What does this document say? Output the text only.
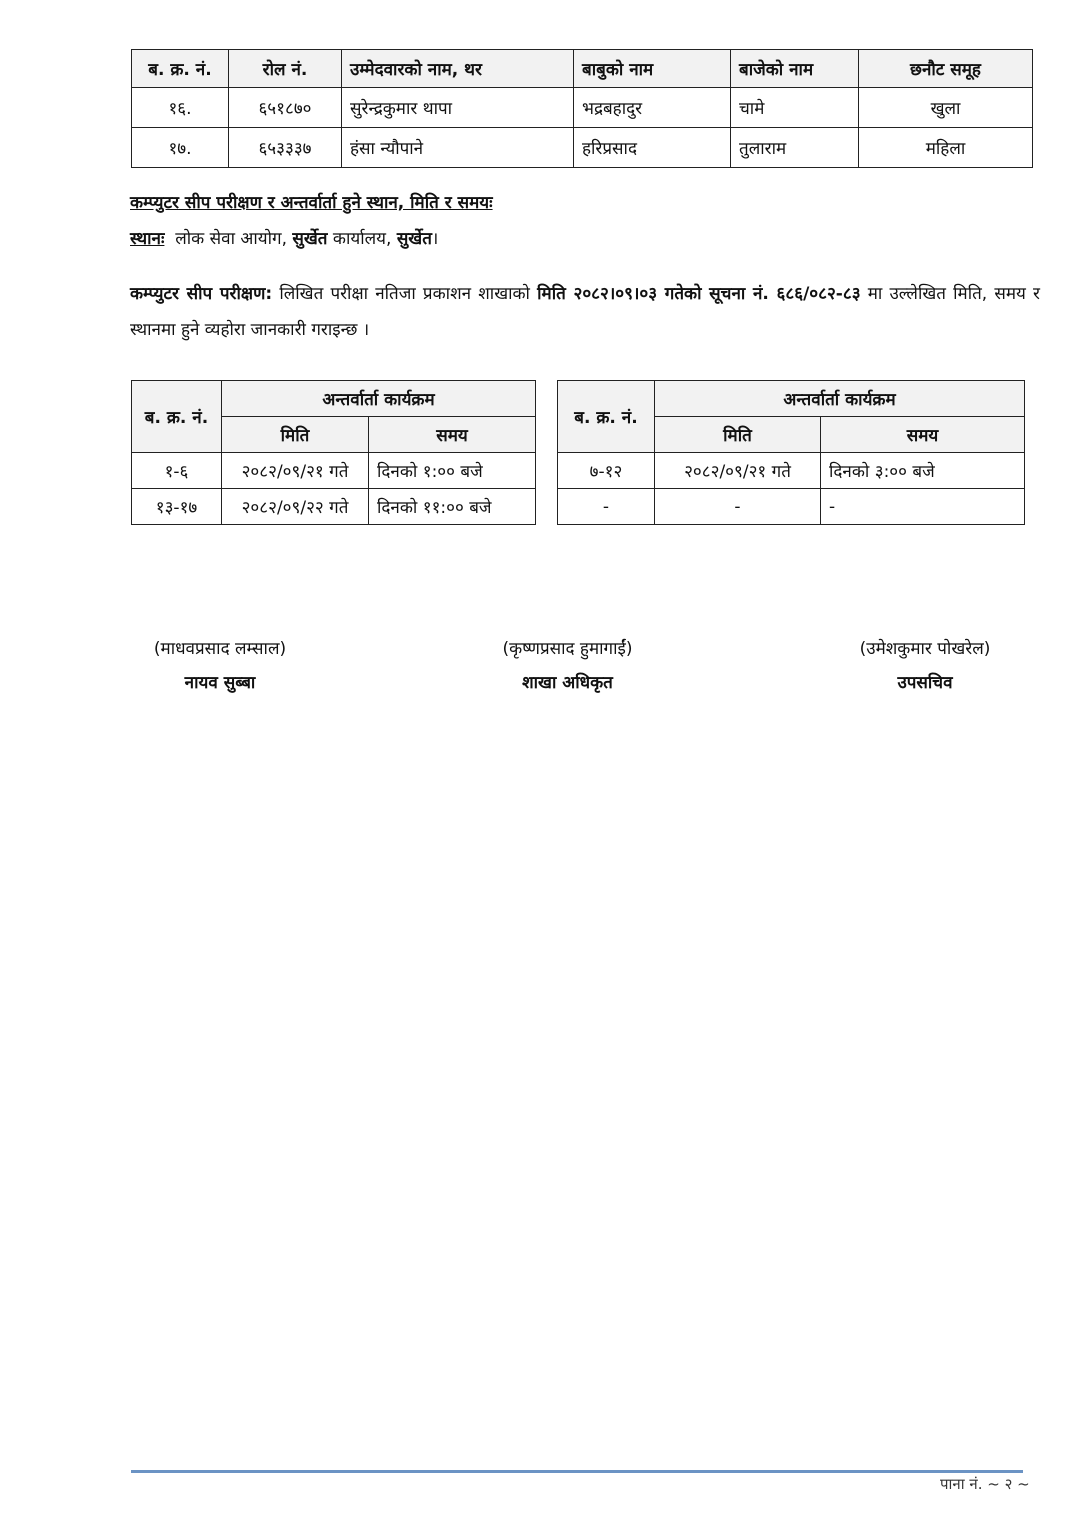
ब. क्र. नं.	रोल नं.	उम्मेदवारको नाम, थर	बाबुको नाम	बाजेको नाम	छनौट समूह
१६.	६५१८७०	सुरेन्द्रकुमार थापा	भद्रबहादुर	चामे	खुला
१७.	६५३३३७	हंसा न्यौपाने	हरिप्रसाद	तुलाराम	महिला
कम्प्युटर सीप परीक्षण र अन्तर्वार्ता हुने स्थान, मिति र समयः
स्थानः लोक सेवा आयोग, सुर्खेत कार्यालय, सुर्खेत।
कम्प्युटर सीप परीक्षण: लिखित परीक्षा नतिजा प्रकाशन शाखाको मिति २०८२।०९।०३ गतेको सूचना नं. ६८६/०८२-८३ मा उल्लेखित मिति, समय र स्थानमा हुने व्यहोरा जानकारी गराइन्छ ।
ब. क्र. नं.	अन्तर्वार्ता कार्यक्रम	
	मिति	समय
१-६	२०८२/०९/२१ गते	दिनको १:०० बजे
१३-१७	२०८२/०९/२२ गते	दिनको ११:०० बजे
ब. क्र. नं.	अन्तर्वार्ता कार्यक्रम	
	मिति	समय
७-१२	२०८२/०९/२१ गते	दिनको ३:०० बजे
-	-	-
(माधवप्रसाद लम्साल)
नायव सुब्बा
(कृष्णप्रसाद हुमागाईं)
शाखा अधिकृत
(उमेशकुमार पोखरेल)
उपसचिव
पाना नं. ~ २ ~
